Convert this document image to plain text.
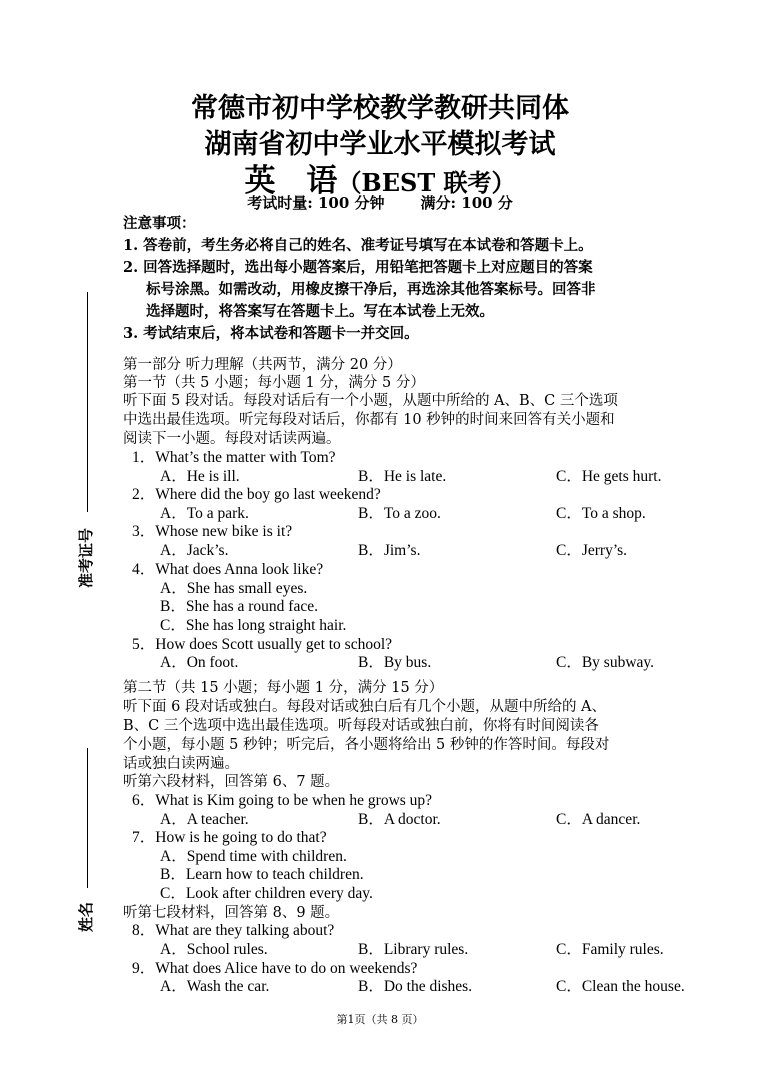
常德市初中学校教学教研共同体
湖南省初中学业水平模拟考试
英　语（BEST 联考）
考试时量: 100 分钟 满分: 100 分
注意事项：
1. 答卷前，考生务必将自己的姓名、准考证号填写在本试卷和答题卡上。
2. 回答选择题时，选出每小题答案后，用铅笔把答题卡上对应题目的答案
标号涂黑。如需改动，用橡皮擦干净后，再选涂其他答案标号。回答非
选择题时，将答案写在答题卡上。写在本试卷上无效。
3. 考试结束后，将本试卷和答题卡一并交回。
第一部分 听力理解（共两节，满分 20 分）
第一节（共 5 小题；每小题 1 分，满分 5 分）
听下面 5 段对话。每段对话后有一个小题，从题中所给的 A、B、C 三个选项
中选出最佳选项。听完每段对话后，你都有 10 秒钟的时间来回答有关小题和
阅读下一小题。每段对话读两遍。
1．What’s the matter with Tom?
A．He is ill.	B．He is late.	C．He gets hurt.
2．Where did the boy go last weekend?
A．To a park.	B．To a zoo.	C．To a shop.
3．Whose new bike is it?
A．Jack’s.	B．Jim’s.	C．Jerry’s.
4．What does Anna look like?
A．She has small eyes.
B．She has a round face.
C．She has long straight hair.
5．How does Scott usually get to school?
A．On foot.	B．By bus.	C．By subway.
第二节（共 15 小题；每小题 1 分，满分 15 分）
听下面 6 段对话或独白。每段对话或独白后有几个小题，从题中所给的 A、
B、C 三个选项中选出最佳选项。听每段对话或独白前，你将有时间阅读各
个小题，每小题 5 秒钟；听完后，各小题将给出 5 秒钟的作答时间。每段对
话或独白读两遍。
听第六段材料，回答第 6、7 题。
6．What is Kim going to be when he grows up?
A．A teacher.	B．A doctor.	C．A dancer.
7．How is he going to do that?
A．Spend time with children.
B．Learn how to teach children.
C．Look after children every day.
听第七段材料，回答第 8、9 题。
8．What are they talking about?
A．School rules.	B．Library rules.	C．Family rules.
9．What does Alice have to do on weekends?
A．Wash the car.	B．Do the dishes.	C．Clean the house.
准考证号
姓名
第1页（共 8 页）
